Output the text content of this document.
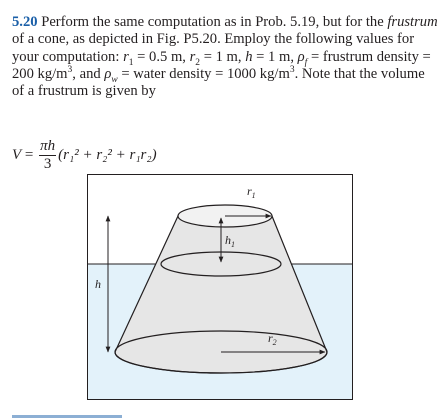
5.20 Perform the same computation as in Prob. 5.19, but for the frustrum of a cone, as depicted in Fig. P5.20. Employ the following values for your computation: $r_1 = 0.5$ m, $r_2 = 1$ m, h = 1 m, $\rho_f$ = frustrum density = 200 $kg/m^3$, and $\rho_w$ = water density = 1000 $kg/m^3$. Note that the volume of a frustrum is given by
$V = \frac{\pi h}{3} (r_1^2 + r_2^2 + r_1r_2)$
$r_1$
$h_1$
h
$r_2$
